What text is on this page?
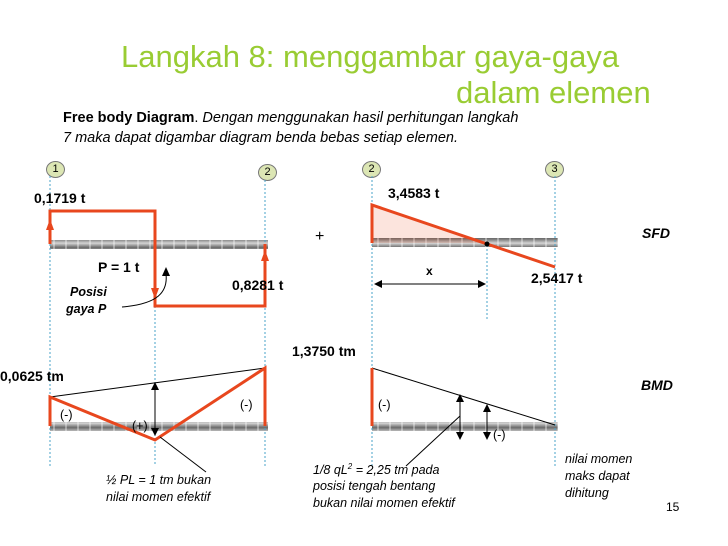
Langkah 8: menggambar gaya-gaya
dalam elemen
Free body Diagram. Dengan menggunakan hasil perhitungan langkah
7 maka dapat digambar diagram benda bebas setiap elemen.
1	2	2	3
0,1719 t
P = 1 t
Posisi
gaya P
0,8281 t
+
3,4583 t
2,5417 t
x
SFD
0,0625 tm
1,3750 tm
(-)
(+)
(-)	(-)
(-)
BMD
½ PL = 1 tm bukan
nilai momen efektif
1/8 $qL^2 = 2,25$ tm pada
posisi tengah bentang
bukan nilai momen efektif
nilai momen
maks dapat
dihitung
15
